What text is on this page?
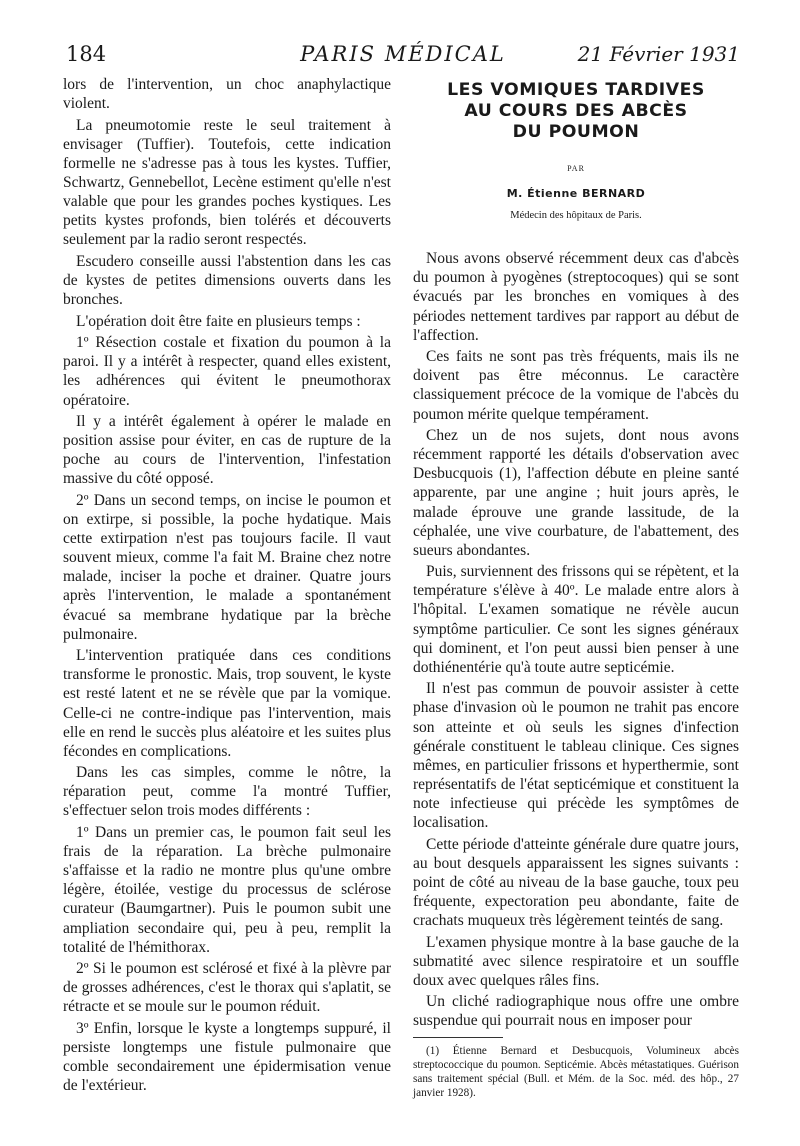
184	PARIS MÉDICAL	21 Février 1931

lors de l'intervention, un choc anaphylactique violent.

La pneumotomie reste le seul traitement à envisager (Tuffier). Toutefois, cette indication formelle ne s'adresse pas à tous les kystes. Tuffier, Schwartz, Gennebellot, Lecène estiment qu'elle n'est valable que pour les grandes poches kystiques. Les petits kystes profonds, bien tolérés et découverts seulement par la radio seront respectés.

Escudero conseille aussi l'abstention dans les cas de kystes de petites dimensions ouverts dans les bronches.

L'opération doit être faite en plusieurs temps :

1º Résection costale et fixation du poumon à la paroi. Il y a intérêt à respecter, quand elles existent, les adhérences qui évitent le pneumothorax opératoire.

Il y a intérêt également à opérer le malade en position assise pour éviter, en cas de rupture de la poche au cours de l'intervention, l'infestation massive du côté opposé.

2º Dans un second temps, on incise le poumon et on extirpe, si possible, la poche hydatique. Mais cette extirpation n'est pas toujours facile. Il vaut souvent mieux, comme l'a fait M. Braine chez notre malade, inciser la poche et drainer. Quatre jours après l'intervention, le malade a spontanément évacué sa membrane hydatique par la brèche pulmonaire.

L'intervention pratiquée dans ces conditions transforme le pronostic. Mais, trop souvent, le kyste est resté latent et ne se révèle que par la vomique. Celle-ci ne contre-indique pas l'intervention, mais elle en rend le succès plus aléatoire et les suites plus fécondes en complications.

Dans les cas simples, comme le nôtre, la réparation peut, comme l'a montré Tuffier, s'effectuer selon trois modes différents :

1º Dans un premier cas, le poumon fait seul les frais de la réparation. La brèche pulmonaire s'affaisse et la radio ne montre plus qu'une ombre légère, étoilée, vestige du processus de sclérose curateur (Baumgartner). Puis le poumon subit une ampliation secondaire qui, peu à peu, remplit la totalité de l'hémithorax.

2º Si le poumon est sclérosé et fixé à la plèvre par de grosses adhérences, c'est le thorax qui s'aplatit, se rétracte et se moule sur le poumon réduit.

3º Enfin, lorsque le kyste a longtemps suppuré, il persiste longtemps une fistule pulmonaire que comble secondairement une épidermisation venue de l'extérieur.

LES VOMIQUES TARDIVES
AU COURS DES ABCÈS
DU POUMON
PAR
M. Étienne BERNARD
Médecin des hôpitaux de Paris.

Nous avons observé récemment deux cas d'abcès du poumon à pyogènes (streptocoques) qui se sont évacués par les bronches en vomiques à des périodes nettement tardives par rapport au début de l'affection.

Ces faits ne sont pas très fréquents, mais ils ne doivent pas être méconnus. Le caractère classiquement précoce de la vomique de l'abcès du poumon mérite quelque tempérament.

Chez un de nos sujets, dont nous avons récemment rapporté les détails d'observation avec Desbucquois (1), l'affection débute en pleine santé apparente, par une angine ; huit jours après, le malade éprouve une grande lassitude, de la céphalée, une vive courbature, de l'abattement, des sueurs abondantes.

Puis, surviennent des frissons qui se répètent, et la température s'élève à 40º. Le malade entre alors à l'hôpital. L'examen somatique ne révèle aucun symptôme particulier. Ce sont les signes généraux qui dominent, et l'on peut aussi bien penser à une dothiénentérie qu'à toute autre septicémie.

Il n'est pas commun de pouvoir assister à cette phase d'invasion où le poumon ne trahit pas encore son atteinte et où seuls les signes d'infection générale constituent le tableau clinique. Ces signes mêmes, en particulier frissons et hyperthermie, sont représentatifs de l'état septicémique et constituent la note infectieuse qui précède les symptômes de localisation.

Cette période d'atteinte générale dure quatre jours, au bout desquels apparaissent les signes suivants : point de côté au niveau de la base gauche, toux peu fréquente, expectoration peu abondante, faite de crachats muqueux très légèrement teintés de sang.

L'examen physique montre à la base gauche de la submatité avec silence respiratoire et un souffle doux avec quelques râles fins.

Un cliché radiographique nous offre une ombre suspendue qui pourrait nous en imposer pour

(1) Étienne Bernard et Desbucquois, Volumineux abcès streptococcique du poumon. Septicémie. Abcès métastatiques. Guérison sans traitement spécial (Bull. et Mém. de la Soc. méd. des hôp., 27 janvier 1928).
